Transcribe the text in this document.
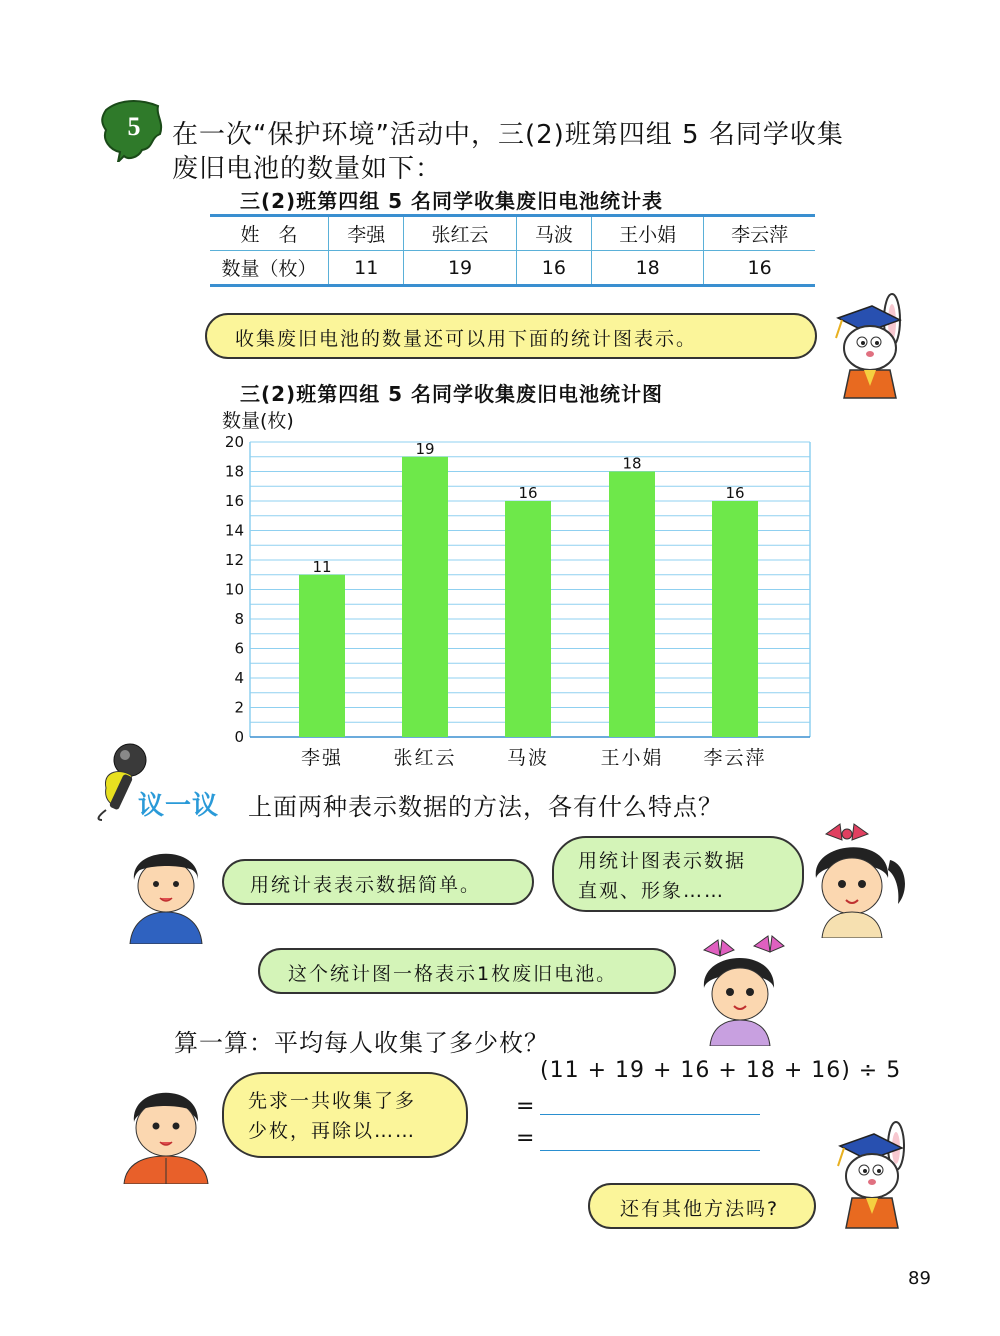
5 在一次“保护环境”活动中，三(2)班第四组 5 名同学收集
废旧电池的数量如下：
三(2)班第四组 5 名同学收集废旧电池统计表
姓　名	李强	张红云	马波	王小娟	李云萍
数量（枚）	11	19	16	18	16
收集废旧电池的数量还可以用下面的统计图表示。
三(2)班第四组 5 名同学收集废旧电池统计图
数量(枚)
0
2
4
6
8
10
12
14
16
18
20
11
李强
19
张红云
16
马波
18
王小娟
16
李云萍
议一议 上面两种表示数据的方法，各有什么特点？
用统计表表示数据简单。
用统计图表示数据
直观、形象……
这个统计图一格表示1枚废旧电池。
算一算：平均每人收集了多少枚？
(11 + 19 + 16 + 18 + 16) ÷ 5
=
=
先求一共收集了多
少枚，再除以……
还有其他方法吗?
89
